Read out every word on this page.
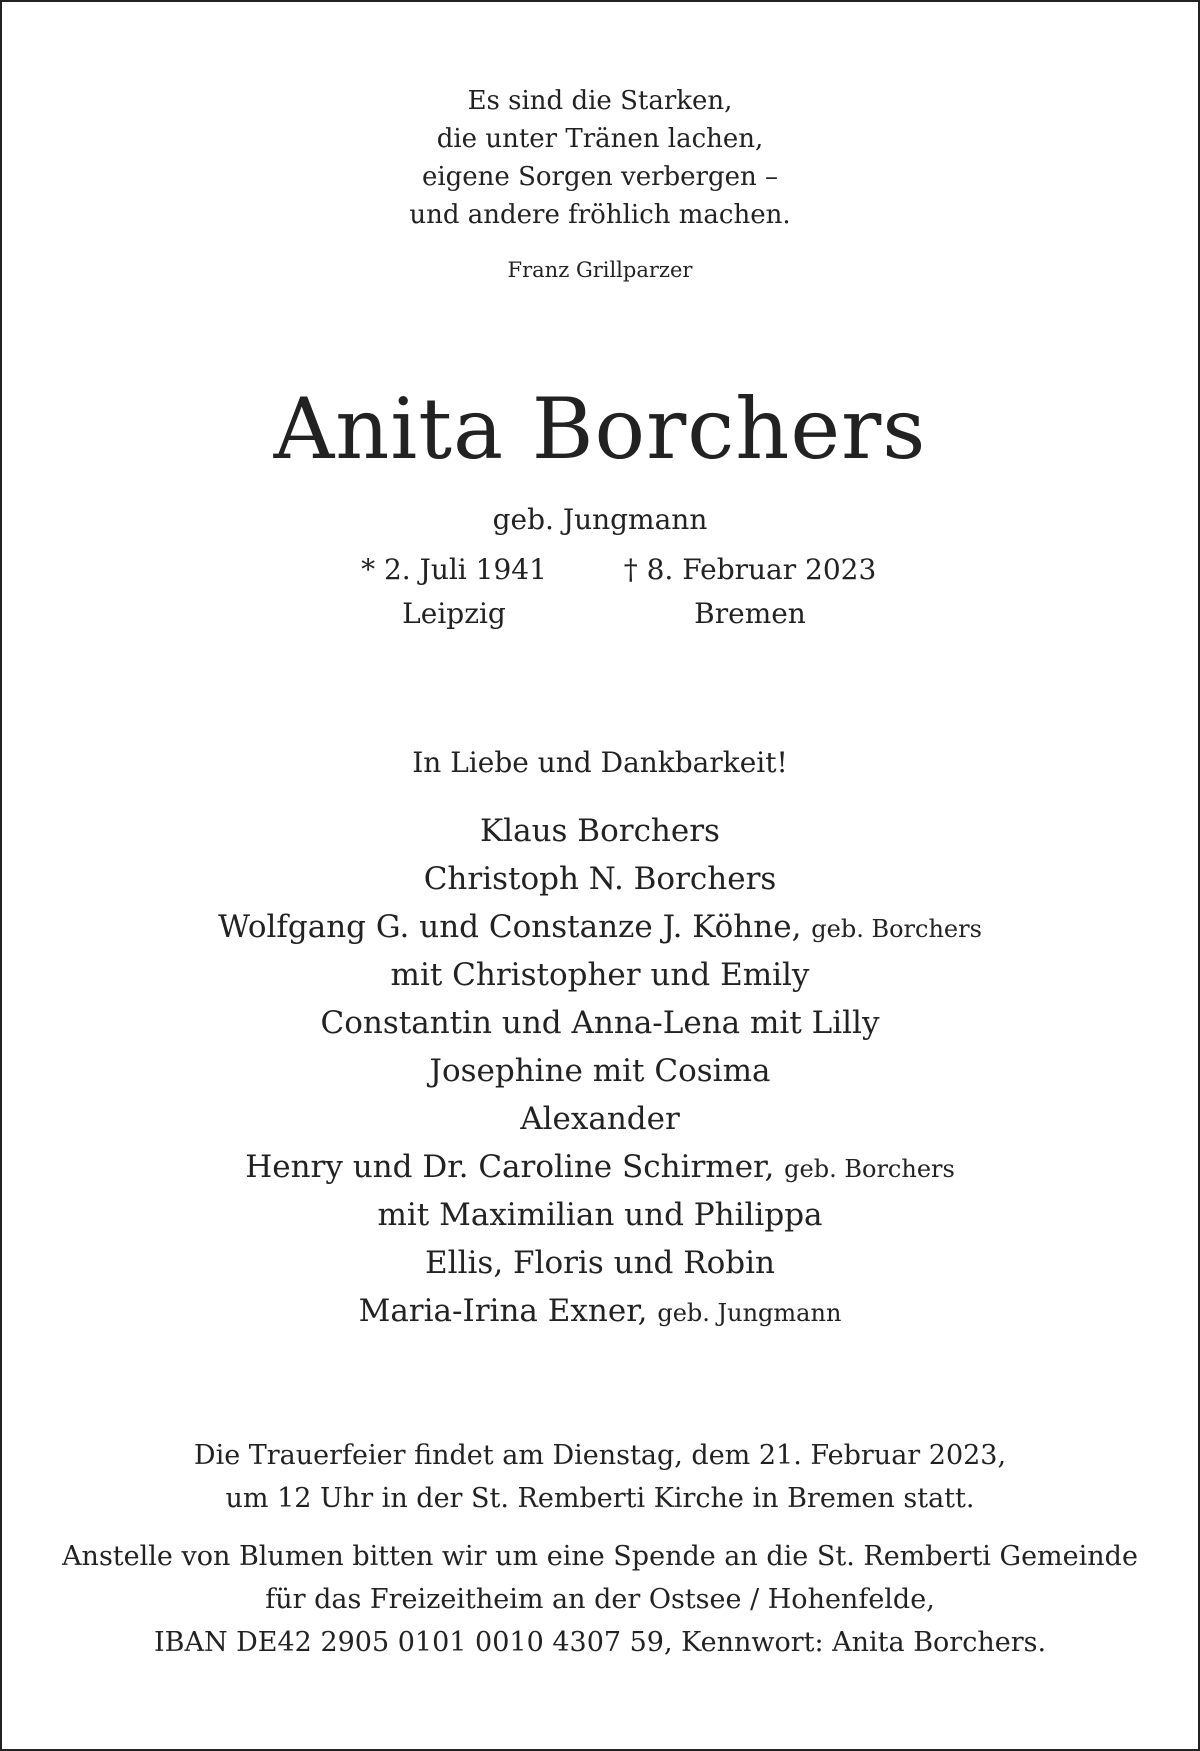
Es sind die Starken,
die unter Tränen lachen,
eigene Sorgen verbergen –
und andere fröhlich machen.
Franz Grillparzer
Anita Borchers
geb. Jungmann
* 2. Juli 1941
Leipzig
† 8. Februar 2023
Bremen
In Liebe und Dankbarkeit!
Klaus Borchers
Christoph N. Borchers
Wolfgang G. und Constanze J. Köhne, geb. Borchers
mit Christopher und Emily
Constantin und Anna-Lena mit Lilly
Josephine mit Cosima
Alexander
Henry und Dr. Caroline Schirmer, geb. Borchers
mit Maximilian und Philippa
Ellis, Floris und Robin
Maria-Irina Exner, geb. Jungmann
Die Trauerfeier findet am Dienstag, dem 21. Februar 2023,
um 12 Uhr in der St. Remberti Kirche in Bremen statt.
Anstelle von Blumen bitten wir um eine Spende an die St. Remberti Gemeinde
für das Freizeitheim an der Ostsee / Hohenfelde,
IBAN DE42 2905 0101 0010 4307 59, Kennwort: Anita Borchers.
